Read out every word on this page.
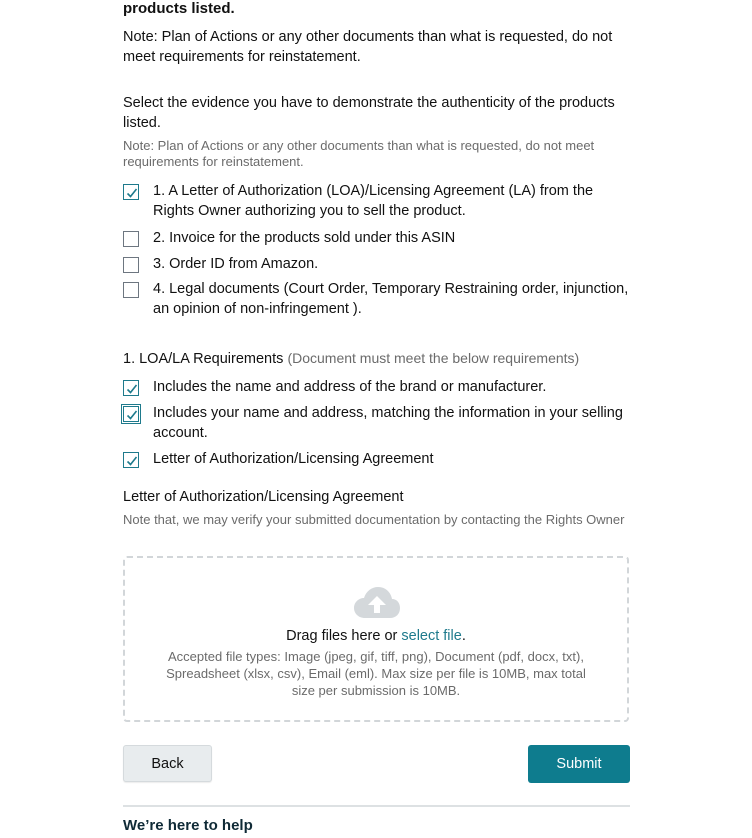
products listed.
Note: Plan of Actions or any other documents than what is requested, do not meet requirements for reinstatement.
Select the evidence you have to demonstrate the authenticity of the products listed.
Note: Plan of Actions or any other documents than what is requested, do not meet requirements for reinstatement.
1. A Letter of Authorization (LOA)/Licensing Agreement (LA) from the Rights Owner authorizing you to sell the product.
2. Invoice for the products sold under this ASIN
3. Order ID from Amazon.
4. Legal documents (Court Order, Temporary Restraining order, injunction, an opinion of non-infringement ).
1. LOA/LA Requirements (Document must meet the below requirements)
Includes the name and address of the brand or manufacturer.
Includes your name and address, matching the information in your selling account.
Letter of Authorization/Licensing Agreement
Letter of Authorization/Licensing Agreement
Note that, we may verify your submitted documentation by contacting the Rights Owner
Drag files here or select file.
Accepted file types: Image (jpeg, gif, tiff, png), Document (pdf, docx, txt), Spreadsheet (xlsx, csv), Email (eml). Max size per file is 10MB, max total size per submission is 10MB.
Back	Submit
We’re here to help
